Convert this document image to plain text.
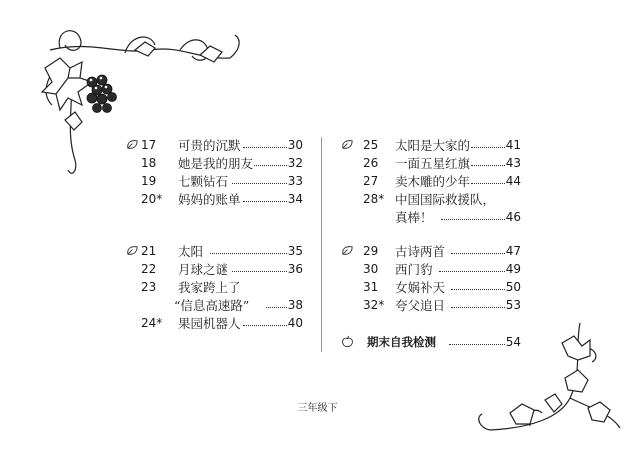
17	可贵的沉默	30
18	她是我的朋友	32
19	七颗钻石	33
20*	妈妈的账单	34
21	太阳	35
22	月球之谜	36
23	我家跨上了
“信息高速路”	38
24*	果园机器人	40
25	太阳是大家的	41
26	一面五星红旗	43
27	卖木雕的少年	44
28* 中国国际救援队，
真棒！	46
29	古诗两首	47
30	西门豹	49
31	女娲补天	50
32* 夸父追日	53
期末自我检测	54
三年级下
